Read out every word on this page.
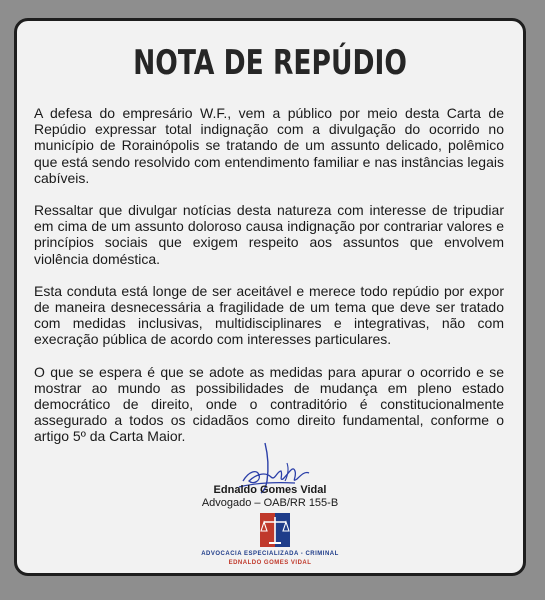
NOTA DE REPÚDIO

A defesa do empresário W.F., vem a público por meio desta Carta de Repúdio expressar total indignação com a divulgação do ocorrido no município de Rorainópolis se tratando de um assunto delicado, polêmico que está sendo resolvido com entendimento familiar e nas instâncias legais cabíveis.

Ressaltar que divulgar notícias desta natureza com interesse de tripudiar em cima de um assunto doloroso causa indignação por contrariar valores e princípios sociais que exigem respeito aos assuntos que envolvem violência doméstica.

Esta conduta está longe de ser aceitável e merece todo repúdio por expor de maneira desnecessária a fragilidade de um tema que deve ser tratado com medidas inclusivas, multidisciplinares e integrativas, não com execração pública de acordo com interesses particulares.

O que se espera é que se adote as medidas para apurar o ocorrido e se mostrar ao mundo as possibilidades de mudança em pleno estado democrático de direito, onde o contraditório é constitucionalmente assegurado a todos os cidadãos como direito fundamental, conforme o artigo 5º da Carta Maior.

Ednaldo Gomes Vidal
Advogado – OAB/RR 155-B
ADVOCACIA ESPECIALIZADA - CRIMINAL
EDNALDO GOMES VIDAL
